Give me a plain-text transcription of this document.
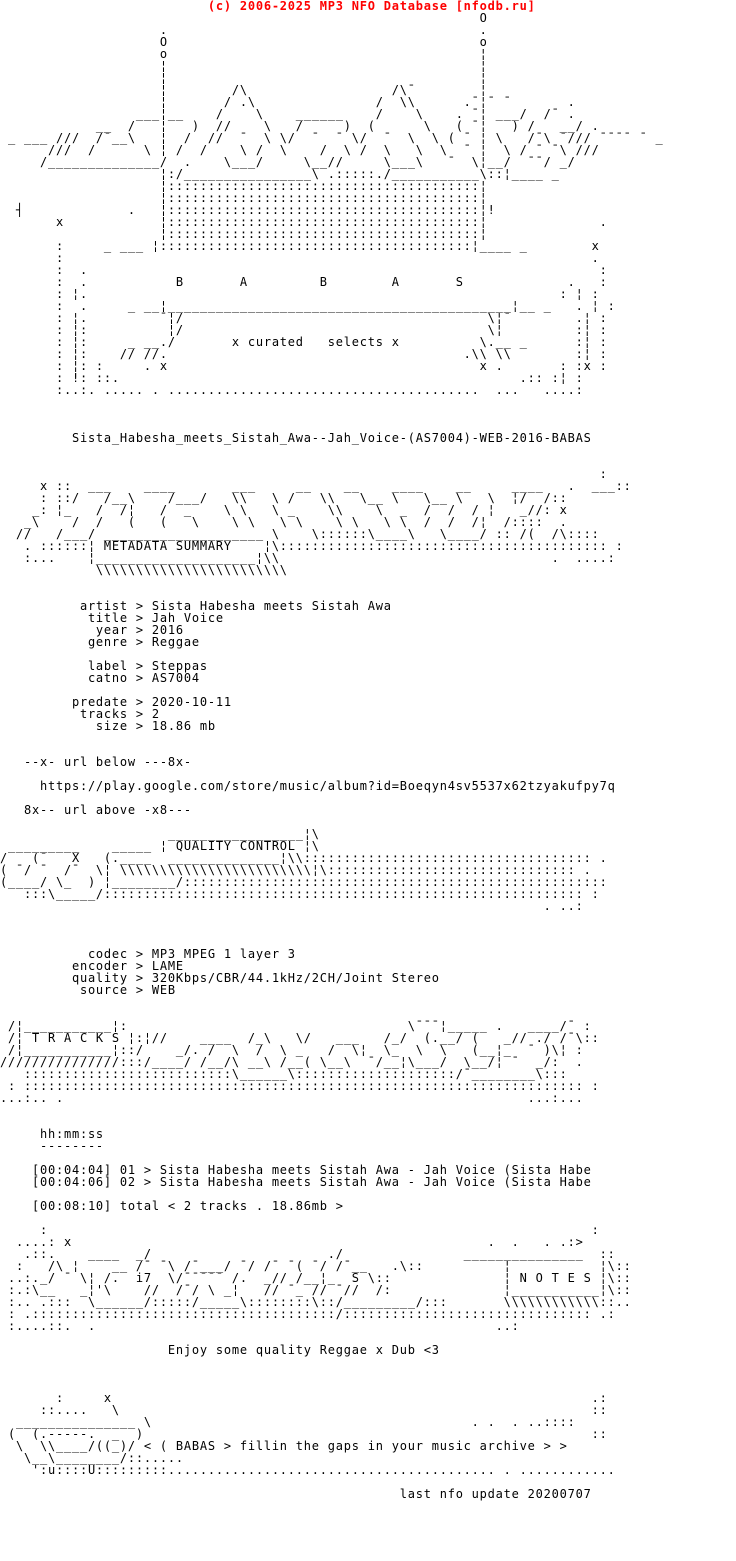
(c) 2006-2025 MP3 NFO Database [nfodb.ru]
O
.                                       .
O                                       o
o                                       ¦
¦                                       ¦
¦                                       ¦
¦        /\                  /\¯        ¦
¦       / .\               /  \\      .¯¦¯ ¯       .
___¦__    /    \    ______    /    \    . ¯¦ ___/  /¯ .
__  /   ¦   )  //    \   /     )  (      \   ( ¯¦   ) /   __/ .
_ ___ ///  /¯__\   ¦  /  //  ¯  \ \/  ¯  ¯ \/  ¯  \  \ ( ¯ ¦ \   /¯\ ¯/// ¯¯¯¯ ¯ _
///  /      \ ¦ /  /    \ /  \    /  \ /  \   \  \  ¯ ¦  \ / ¯ ¯\ ///
/______________/  .    \___/     \__//     \___\   ¯  \¦__/  ¯¯/ _/
¦:/________________\ .:::::./___________\::¦____ _
¦:::::::::::::::::::::::::::::::::::::::¦
¦:::::::::::::::::::::::::::::::::::::::¦
┤             .   ¦:::::::::::::::::::::::::::::::::::::::¦!
x            ¦:::::::::::::::::::::::::::::::::::::::¦              .
¦:::::::::::::::::::::::::::::::::::::::¦
:     _ ___ ¦:::::::::::::::::::::::::::::::::::::::¦____ _        x
:                                                                  .
:  .                                                                :
:  .           B       A         B        A       S             .   :
: ¦.                                                           : ¦ :
:  .     _ __¦___________________________________________¦__ _   . ¦ :
: ¦.         ¯¦/                                      \¦¯        .¦ :
: ¦:          ¦/                                      \¦         :¦ :
: ¦:     _ __./       x curated   selects x          \.__ _      :¦ :
: ¦:    // //.                                     .\\ \\        :¦ :
: ¦: :     . x                                       x .       : :x :
: !: ::.                                                  .:: :¦ :
:..:. ..... . .......................................  ...   ....:

Sista_Habesha_meets_Sistah_Awa--Jah_Voice-(AS7004)-WEB-2016-BABAS

:
x ::  ___    ____       ___     __    __    ____    __     ____   .  ___::
: ::/   /__\    /___/   \\   \ /   \\   \__ \   \__ \   \  ¦/  /::
_: ¦_   /  /¦   /  _    \ \   \ _    \\    \  _  /  /  / ¦   _//: x
_\    /  /   (   (   \    \ \   \ \    \ \   \ \  /  /  /¦  /::::  .
//   /___/ ____________________ \    \::::::\____\   \____/ :: /(  /\::::
. ::::::¦ METADATA SUMMARY    ¦\::::::::::::::::::::::::::::::::::::::::: :
:...    ¦____________________¦\\                                  .  ....:
\\\\\\\\\\\\\\\\\\\\\\\\

artist > Sista Habesha meets Sistah Awa
title > Jah Voice
year > 2016
genre > Reggae

label > Steppas
catno > AS7004

predate > 2020-10-11
tracks > 2
size > 18.86 mb

--x- url below ---8x-

https://play.google.com/store/music/album?id=Boeqyn4sv5537x62tzyakufpy7q

8x-- url above -x8---

_________________¦\
_________    _____ ¦ QUALITY CONTROL ¦\
/   (¯   X   (.____  ______________¦\\:::::::::::::::::::::::::::::::::::: .
( ¯/ ¯  /¯  \¦ \\\\\\\\\\\\\\\\\\\\\\\\¦\::::::::::::::::::::::::::::::: .
(____/ \_  ) ¦________/:::::::::::::::::::::::::::::::::::::::::::::::::::::
:::\_____/:::::::::::::::::::::::::::::::::::::::::::::::::::::::::::: :
. ..:

codec > MP3 MPEG 1 layer 3
encoder > LAME
quality > 320Kbps/CBR/44.1kHz/2CH/Joint Stereo
source > WEB

/¦___________¦:                                   \¯¯¯¦_____ .   ____/¯ :
/¦ T R A C K S ¦:¦//    ____  /_\   \/   ___   /_/  (.__/ (   _// ./ /¯\::
/¦___________¦::/    _/. /  \  /  \ _   /  \¦  \_  \  \   (__¦_  ¯ )\¦ :
///////////////:::/____/ /__/\ __\ /__( \__\  ¯/__¦\___/  \__/¦ ¯  _/:  .
::::::::::::::::::::::::::\______\::::::::::::::::::::/¯________\:::
: :::::::::::::::::::::::::::::::::::::::::::::::::::::::::::::::::::::: :
...:.. .                                                          ...:...

hh:mm:ss
--------

[00:04:04] 01 > Sista Habesha meets Sistah Awa - Jah Voice (Sista Habe
[00:04:06] 02 > Sista Habesha meets Sistah Awa - Jah Voice (Sista Habe

[00:08:10] total < 2 tracks . 18.86mb >

:                                                                    :
....: x                                                    .  .   . .:>
.::.    ____  _/                      ./               _______________  ::
:   /\ ¦    __ /¯ ¯\ /¯___/ ¯/ /¯ ¯( ¯/ /¯__   .\::          ¦           ¦\::
..:._/ ¯ \¦ /.  i7  \/¯¯¯¯¯ /.  _// /__¦_  S \::              ¦ N O T E S ¦\::
:.:\__   _¦'\    //  /¯/ \ _¦   // ¯_ // ¯//  /:              ¦___________¦\::
:.. .:::  \______/:::::/_____\::::::::\::/_________/:::       \\\\\\\\\\\\::..
: .::::::::::::::::::::::::::::::::::::::/::::::::::::::::::::::::::::::: .:
:....::.  .                                                  ..:

Enjoy some quality Reggae x Dub <3

:     x                                                            .:
::....   \                                                           ::
_______________ \                                        . .  . ..::::
(  (.-----.  _  )                                                        ::
\  \\____/((_)/ < ( BABAS > fillin the gaps in your music archive > >
\__\________/::.....
':u::::U:::::::::......................................... . ............

last nfo update 20200707
